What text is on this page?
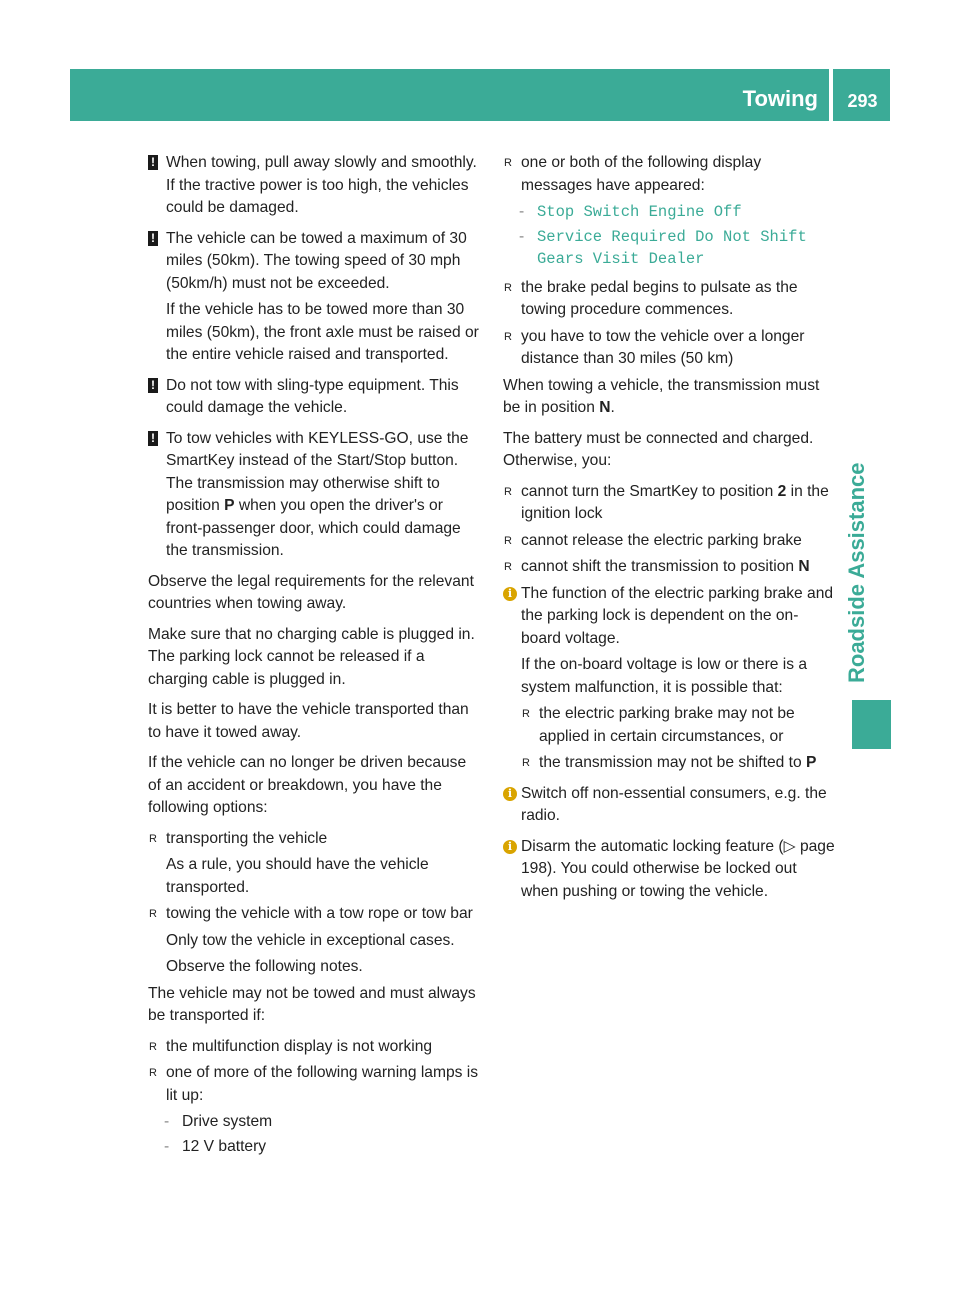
Towing	293
Roadside Assistance
! When towing, pull away slowly and smoothly. If the tractive power is too high, the vehicles could be damaged.

! The vehicle can be towed a maximum of 30 miles (50km). The towing speed of 30 mph (50km/h) must not be exceeded.

If the vehicle has to be towed more than 30 miles (50km), the front axle must be raised or the entire vehicle raised and transported.

! Do not tow with sling-type equipment. This could damage the vehicle.

! To tow vehicles with KEYLESS-GO, use the SmartKey instead of the Start/Stop button. The transmission may otherwise shift to position P when you open the driver's or front-passenger door, which could damage the transmission.

Observe the legal requirements for the relevant countries when towing away.

Make sure that no charging cable is plugged in. The parking lock cannot be released if a charging cable is plugged in.

It is better to have the vehicle transported than to have it towed away.

If the vehicle can no longer be driven because of an accident or breakdown, you have the following options:

R transporting the vehicle
As a rule, you should have the vehicle transported.
R towing the vehicle with a tow rope or tow bar
Only tow the vehicle in exceptional cases.
Observe the following notes.

The vehicle may not be towed and must always be transported if:

R the multifunction display is not working
R one of more of the following warning lamps is lit up:
- Drive system
- 12 V battery
R one or both of the following display messages have appeared:
- Stop Switch Engine Off
- Service Required Do Not Shift Gears Visit Dealer
R the brake pedal begins to pulsate as the towing procedure commences.
R you have to tow the vehicle over a longer distance than 30 miles (50 km)

When towing a vehicle, the transmission must be in position N.

The battery must be connected and charged. Otherwise, you:

R cannot turn the SmartKey to position 2 in the ignition lock
R cannot release the electric parking brake
R cannot shift the transmission to position N
i The function of the electric parking brake and the parking lock is dependent on the on-board voltage.

If the on-board voltage is low or there is a system malfunction, it is possible that:

R the electric parking brake may not be applied in certain circumstances, or
R the transmission may not be shifted to P
i Switch off non-essential consumers, e.g. the radio.

i Disarm the automatic locking feature (▷ page 198). You could otherwise be locked out when pushing or towing the vehicle.
